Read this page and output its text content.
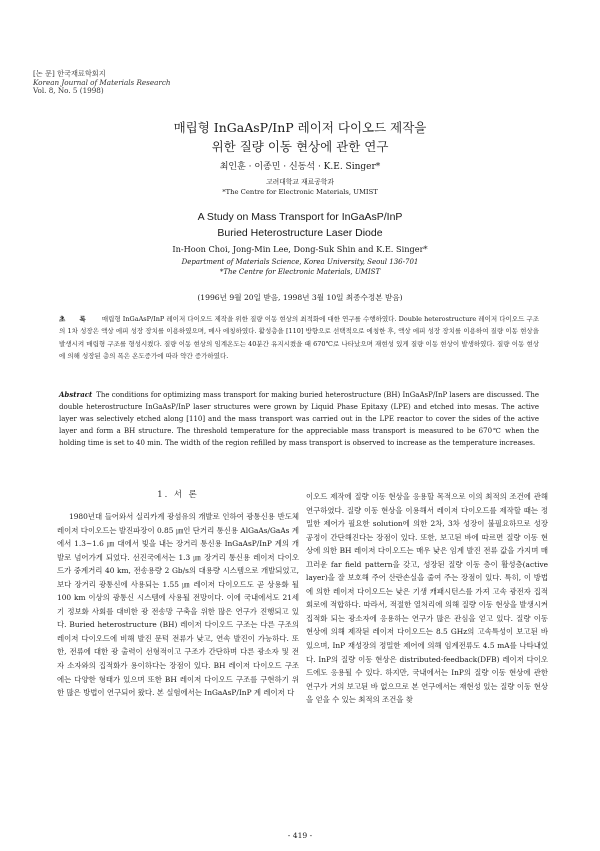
[논 문] 한국재료학회지
Korean Journal of Materials Research
Vol. 8, No. 5 (1998)
매립형 InGaAsP/InP 레이저 다이오드 제작을
위한 질량 이동 현상에 관한 연구
최인훈 · 이종민 · 신동석 · K.E. Singer*
고려대학교 재료공학과
*The Centre for Electronic Materials, UMIST
A Study on Mass Transport for InGaAsP/InP
Buried Heterostructure Laser Diode
In-Hoon Choi, Jong-Min Lee, Dong-Suk Shin and K.E. Singer*
Department of Materials Science, Korea University, Seoul 136-701
*The Centre for Electronic Materials, UMIST
(1996년 9월 20일 받음, 1998년 3월 10일 최종수정본 받음)
초 록 매립형 InGaAsP/InP 레이저 다이오드 제작을 위한 질량 이동 현상의 최적화에 대한 연구를 수행하였다. Double heterostructure 레이저 다이오드 구조의 1차 성장은 액상 에피 성장 장치를 이용하였으며, 메사 에칭하였다. 활성층을 [110] 방향으로 선택적으로 에칭한 후, 액상 에피 성장 장치를 이용하여 질량 이동 현상을 발생시켜 매립형 구조를 형성시켰다. 질량 이동 현상의 임계온도는 40분간 유지시켰을 때 670℃로 나타났으며 재현성 있게 질량 이동 현상이 발생하였다. 질량 이동 현상에 의해 성장된 층의 폭은 온도증가에 따라 약간 증가하였다.
Abstract The conditions for optimizing mass transport for making buried heterostructure (BH) InGaAsP/InP lasers are discussed. The double heterostructure InGaAsP/InP laser structures were grown by Liquid Phase Epitaxy (LPE) and etched into mesas. The active layer was selectively etched along [110] and the mass transport was carried out in the LPE reactor to cover the sides of the active layer and form a BH structure. The threshold temperature for the appreciable mass transport is measured to be 670℃ when the holding time is set to 40 min. The width of the region refilled by mass transport is observed to increase as the temperature increases.
1. 서 론

1980년대 들어와서 실리카계 광섬유의 개발로 인하여 광통신용 반도체 레이저 다이오드는 발진파장이 0.85 ㎛인 단거리 통신용 AlGaAs/GaAs 계에서 1.3~1.6 ㎛ 대에서 빛을 내는 장거리 통신용 InGaAsP/InP 계의 개발로 넘어가게 되었다. 선진국에서는 1.3 ㎛ 장거리 통신용 레이저 다이오드가 중계거리 40 km, 전송용량 2 Gb/s의 대용량 시스템으로 개발되었고, 보다 장거리 광통신에 사용되는 1.55 ㎛ 레이저 다이오드도 곧 상용화 될 100 km 이상의 광통신 시스템에 사용될 전망이다. 이에 국내에서도 21세기 정보화 사회를 대비한 광 전송망 구축을 위한 많은 연구가 진행되고 있다. Buried heterostructure (BH) 레이저 다이오드 구조는 다른 구조의 레이저 다이오드에 비해 발진 문턱 전류가 낮고, 연속 발진이 가능하다. 또한, 전류에 대한 광 출력이 선형적이고 구조가 간단하며 다른 광소자 및 전자 소자와의 집적화가 용이하다는 장점이 있다. BH 레이저 다이오드 구조에는 다양한 형태가 있으며 또한 BH 레이저 다이오드 구조를 구현하기 위한 많은 방법이 연구되어 왔다. 본 실험에서는 InGaAsP/InP 계 레이저 다

이오드 제작에 질량 이동 현상을 응용할 목적으로 이의 최적의 조건에 관해 연구하였다. 질량 이동 현상을 이용해서 레이저 다이오드를 제작할 때는 정밀한 제어가 필요한 solution에 의한 2차, 3차 성장이 불필요하므로 성장 공정이 간단해진다는 장점이 있다. 또한, 보고된 바에 따르면 질량 이동 현상에 의한 BH 레이저 다이오드는 매우 낮은 임계 발진 전류 값을 가지며 매끄러운 far field pattern을 갖고, 성장된 질량 이동 층이 활성층(active layer)을 잘 보호해 주어 산란손실을 줄여 주는 장점이 있다. 특히, 이 방법에 의한 레이저 다이오드는 낮은 기생 캐패시턴스를 가져 고속 광전자 집적회로에 적합하다. 따라서, 적절한 열처리에 의해 질량 이동 현상을 발생시켜 집적화 되는 광소자에 응용하는 연구가 많은 관심을 얻고 있다. 질량 이동 현상에 의해 제작된 레이저 다이오드는 8.5 GHz의 고속특성이 보고된 바 있으며, InP 재성장의 정밀한 제어에 의해 임계전류도 4.5 mA를 나타내었다. InP의 질량 이동 현상은 distributed-feedback(DFB) 레이저 다이오드에도 응용될 수 있다. 하지만, 국내에서는 InP의 질량 이동 현상에 관한 연구가 거의 보고된 바 없으므로 본 연구에서는 재현성 있는 질량 이동 현상을 얻을 수 있는 최적의 조건을 찾

- 419 -
